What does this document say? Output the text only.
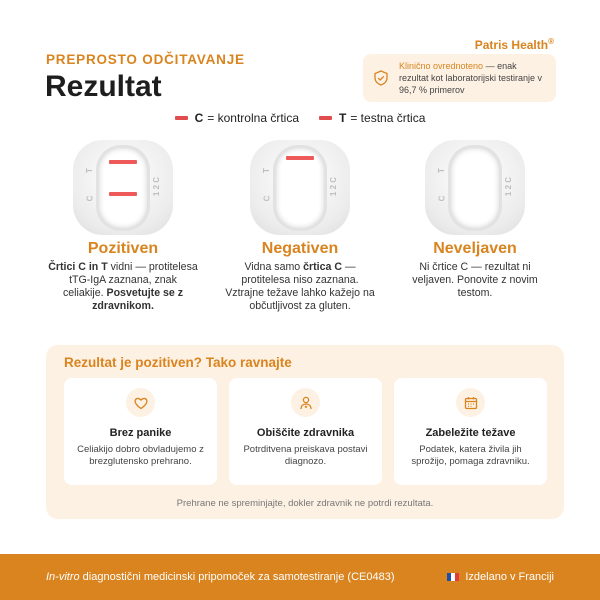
PREPROSTO ODČITAVANJE
Rezultat
Patris Health®
Klinično ovrednoteno — enak rezultat kot laboratorijski testiranje v 96,7 % primerov
C = kontrolna črtica	T = testna črtica
T
C
1 2 C
Pozitiven

Črtici C in T vidni — protitelesa tTG-IgA zaznana, znak celiakije. Posvetujte se z zdravnikom.

T
C
1 2 C
Negativen

Vidna samo črtica C — protitelesa niso zaznana. Vztrajne težave lahko kažejo na občutljivost za gluten.

T
C
1 2 C
Neveljaven

Ni črtice C — rezultat ni veljaven. Ponovite z novim testom.

Rezultat je pozitiven? Tako ravnajte
Brez panike
Celiakijo dobro obvladujemo z brezglutenskо prehrano.
Obiščite zdravnika
Potrditvena preiskava postavi diagnozo.
Zabeležite težave
Podatek, katera živila jih sprožijo, pomaga zdravniku.
Prehrane ne spreminjajte, dokler zdravnik ne potrdi rezultata.
In-vitro diagnostični medicinski pripomoček za samotestiranje (CE0483)	Izdelano v Franciji
